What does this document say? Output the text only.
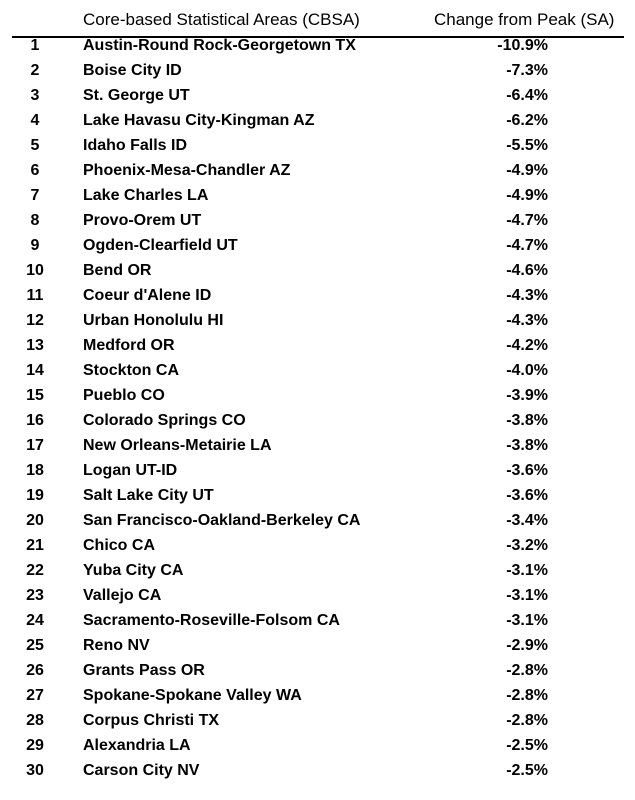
Core-based Statistical Areas (CBSA)	Change from Peak (SA)
1	Austin-Round Rock-Georgetown TX	-10.9%
2	Boise City ID	-7.3%
3	St. George UT	-6.4%
4	Lake Havasu City-Kingman AZ	-6.2%
5	Idaho Falls ID	-5.5%
6	Phoenix-Mesa-Chandler AZ	-4.9%
7	Lake Charles LA	-4.9%
8	Provo-Orem UT	-4.7%
9	Ogden-Clearfield UT	-4.7%
10	Bend OR	-4.6%
11	Coeur d'Alene ID	-4.3%
12	Urban Honolulu HI	-4.3%
13	Medford OR	-4.2%
14	Stockton CA	-4.0%
15	Pueblo CO	-3.9%
16	Colorado Springs CO	-3.8%
17	New Orleans-Metairie LA	-3.8%
18	Logan UT-ID	-3.6%
19	Salt Lake City UT	-3.6%
20	San Francisco-Oakland-Berkeley CA	-3.4%
21	Chico CA	-3.2%
22	Yuba City CA	-3.1%
23	Vallejo CA	-3.1%
24	Sacramento-Roseville-Folsom CA	-3.1%
25	Reno NV	-2.9%
26	Grants Pass OR	-2.8%
27	Spokane-Spokane Valley WA	-2.8%
28	Corpus Christi TX	-2.8%
29	Alexandria LA	-2.5%
30	Carson City NV	-2.5%
